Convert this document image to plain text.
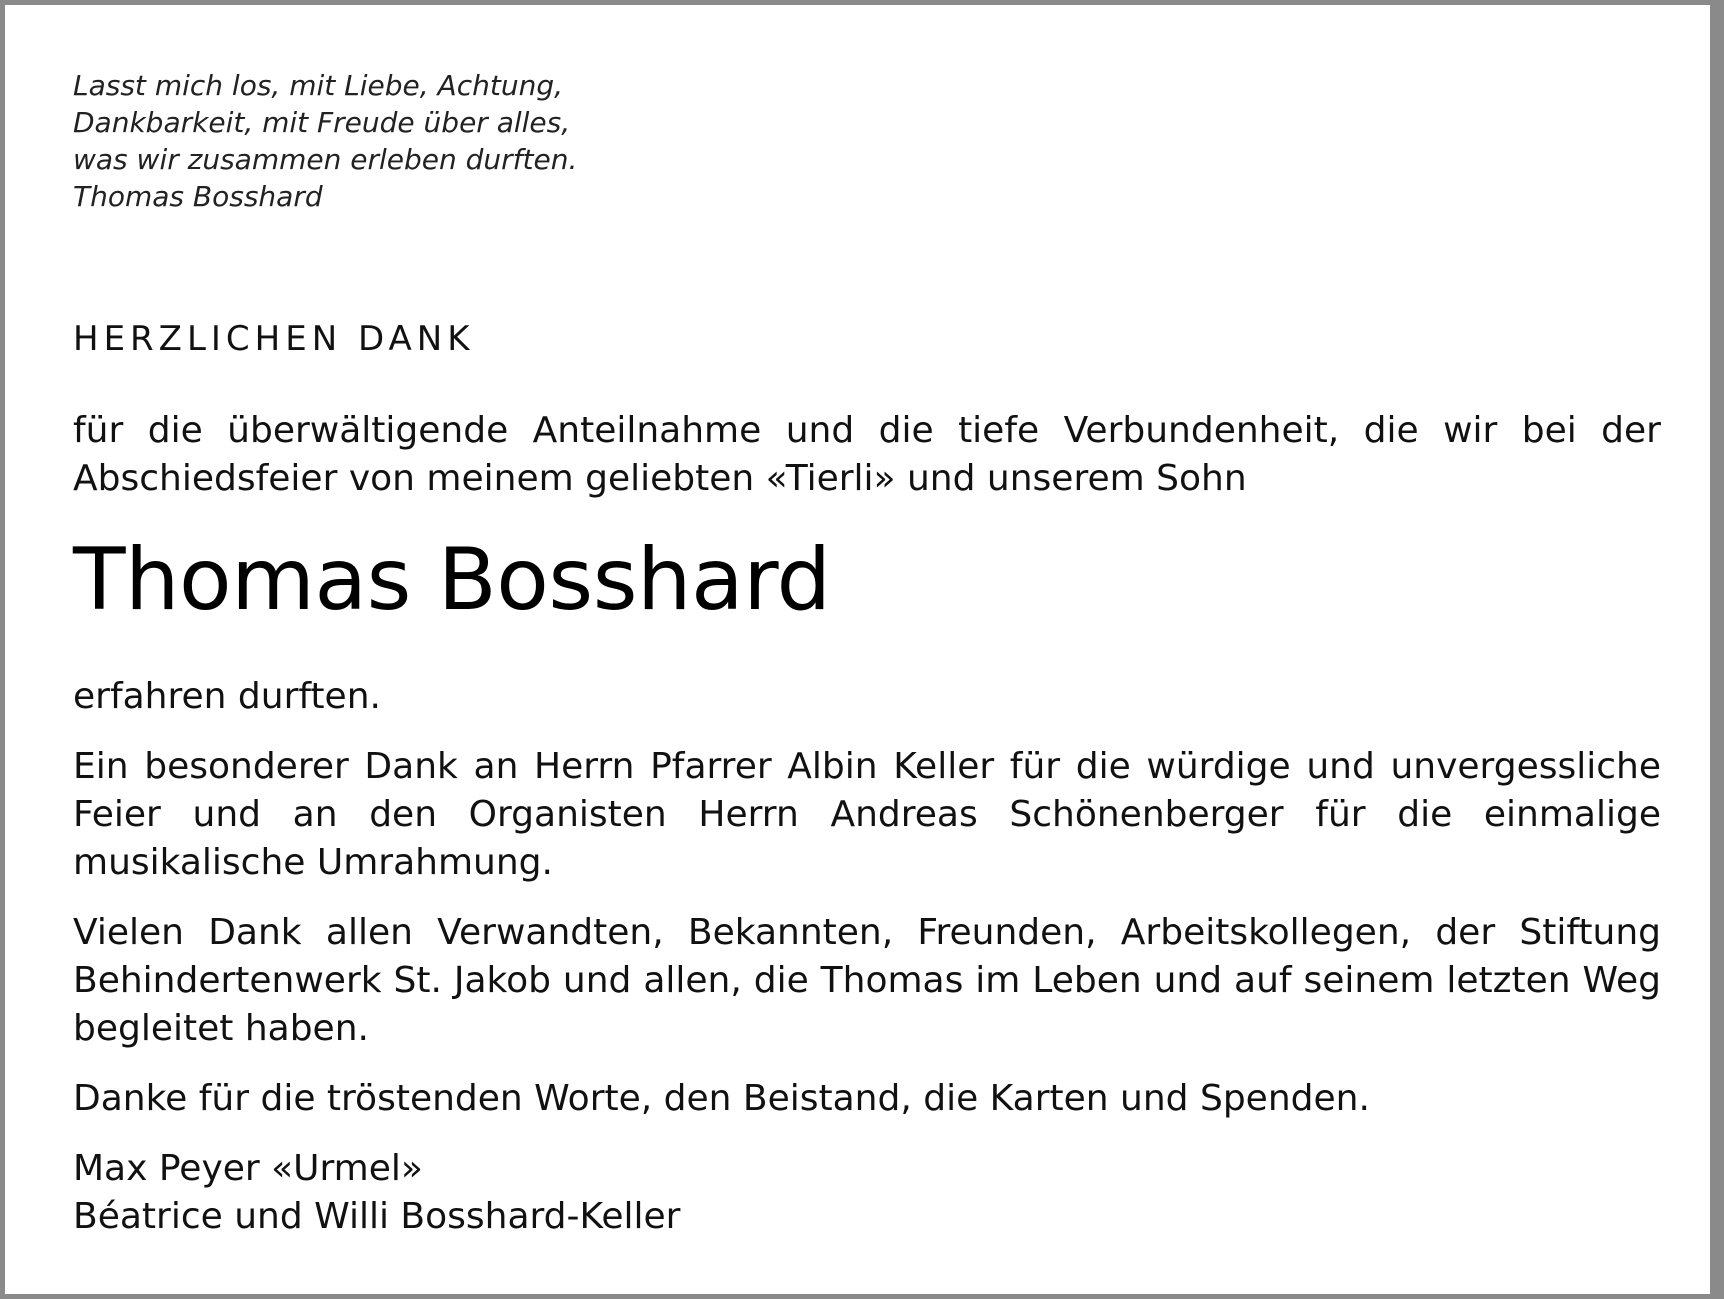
Lasst mich los, mit Liebe, Achtung,
Dankbarkeit, mit Freude über alles,
was wir zusammen erleben durften.
Thomas Bosshard
HERZLICHEN DANK

für die überwältigende Anteilnahme und die tiefe Verbundenheit, die wir bei der Abschiedsfeier von meinem geliebten «Tierli» und unserem Sohn

Thomas Bosshard

erfahren durften.

Ein besonderer Dank an Herrn Pfarrer Albin Keller für die würdige und unvergessliche Feier und an den Organisten Herrn Andreas Schönenberger für die einmalige musikalische Umrahmung.

Vielen Dank allen Verwandten, Bekannten, Freunden, Arbeitskollegen, der Stiftung Behindertenwerk St. Jakob und allen, die Thomas im Leben und auf seinem letzten Weg begleitet haben.

Danke für die tröstenden Worte, den Beistand, die Karten und Spenden.

Max Peyer «Urmel»
Béatrice und Willi Bosshard-Keller
